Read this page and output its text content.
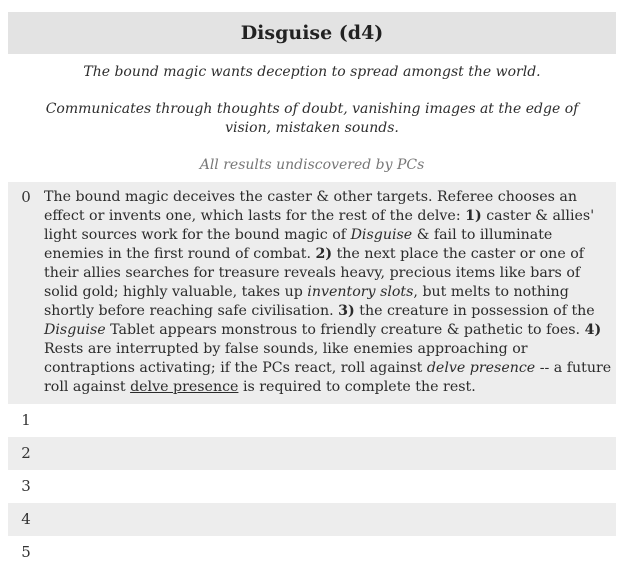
Disguise (d4)

The bound magic wants deception to spread amongst the world.

Communicates through thoughts of doubt, vanishing images at the edge of vision, mistaken sounds.

All results undiscovered by PCs

0	The bound magic deceives the caster & other targets. Referee chooses an effect or invents one, which lasts for the rest of the delve: 1) caster & allies' light sources work for the bound magic of Disguise & fail to illuminate enemies in the first round of combat. 2) the next place the caster or one of their allies searches for treasure reveals heavy, precious items like bars of solid gold; highly valuable, takes up inventory slots, but melts to nothing shortly before reaching safe civilisation. 3) the creature in possession of the Disguise Tablet appears monstrous to friendly creature & pathetic to foes. 4) Rests are interrupted by false sounds, like enemies approaching or contraptions activating; if the PCs react, roll against delve presence -- a future roll against delve presence is required to complete the rest.
1	
2	
3	
4	
5	
